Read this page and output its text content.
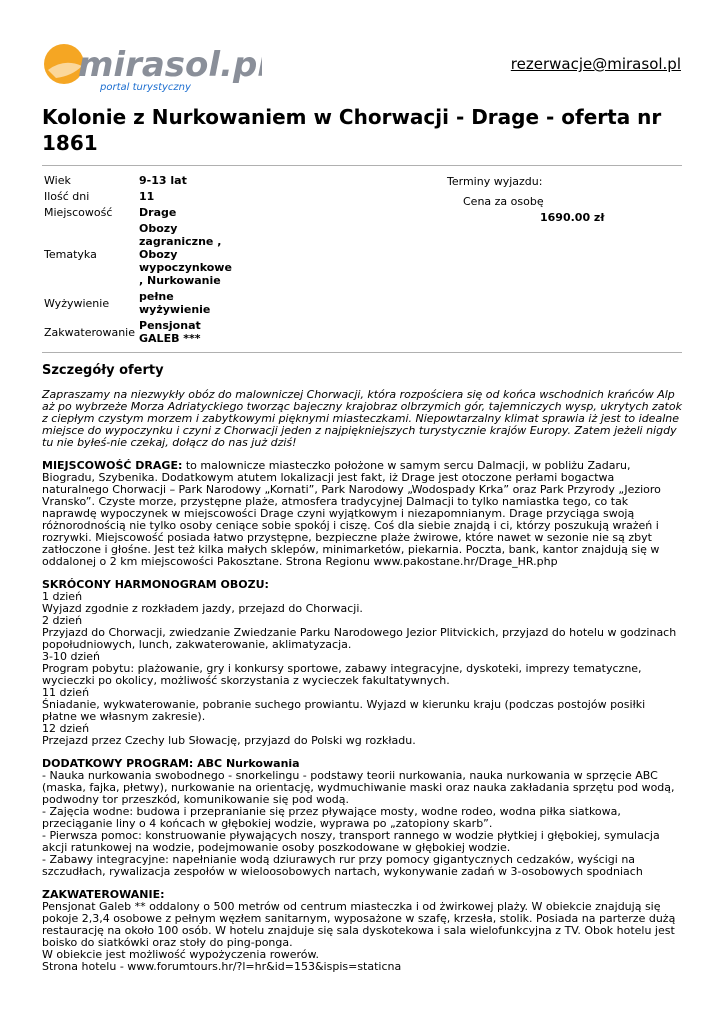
mirasol.pl
portal turystyczny
rezerwacje@mirasol.pl
Kolonie z Nurkowaniem w Chorwacji - Drage - oferta nr 1861
Wiek	9-13 lat
Ilość dni	11
Miejscowość	Drage
Tematyka	Obozy zagraniczne , Obozy wypoczynkowe , Nurkowanie
Wyżywienie	pełne wyżywienie
Zakwaterowanie	Pensjonat GALEB ***
Terminy wyjazdu:
Cena za osobę
1690.00 zł
Szczegóły oferty

Zapraszamy na niezwykły obóz do malowniczej Chorwacji, która rozpościera się od końca wschodnich krańców Alp aż po wybrzeże Morza Adriatyckiego tworząc bajeczny krajobraz olbrzymich gór, tajemniczych wysp, ukrytych zatok z ciepłym czystym morzem i zabytkowymi pięknymi miasteczkami. Niepowtarzalny klimat sprawia iż jest to idealne miejsce do wypoczynku i czyni z Chorwacji jeden z najpiękniejszych turystycznie krajów Europy. Zatem jeżeli nigdy tu nie byłeś-nie czekaj, dołącz do nas już dziś!

MIEJSCOWOŚĆ DRAGE: to malownicze miasteczko położone w samym sercu Dalmacji, w pobliżu Zadaru, Biogradu, Szybenika. Dodatkowym atutem lokalizacji jest fakt, iż Drage jest otoczone perłami bogactwa naturalnego Chorwacji – Park Narodowy „Kornati”, Park Narodowy „Wodospady Krka” oraz Park Przyrody „Jezioro Vransko”. Czyste morze, przystępne plaże, atmosfera tradycyjnej Dalmacji to tylko namiastka tego, co tak naprawdę wypoczynek w miejscowości Drage czyni wyjątkowym i niezapomnianym. Drage przyciąga swoją różnorodnością nie tylko osoby ceniące sobie spokój i ciszę. Coś dla siebie znajdą i ci, którzy poszukują wrażeń i rozrywki. Miejscowość posiada łatwo przystępne, bezpieczne plaże żwirowe, które nawet w sezonie nie są zbyt zatłoczone i głośne. Jest też kilka małych sklepów, minimarketów, piekarnia. Poczta, bank, kantor znajdują się w oddalonej o 2 km miejscowości Pakosztane. Strona Regionu www.pakostane.hr/Drage_HR.php

SKRÓCONY HARMONOGRAM OBOZU:
1 dzień
Wyjazd zgodnie z rozkładem jazdy, przejazd do Chorwacji.
2 dzień
Przyjazd do Chorwacji, zwiedzanie Zwiedzanie Parku Narodowego Jezior Plitvickich, przyjazd do hotelu w godzinach popołudniowych, lunch, zakwaterowanie, aklimatyzacja.
3-10 dzień
Program pobytu: plażowanie, gry i konkursy sportowe, zabawy integracyjne, dyskoteki, imprezy tematyczne, wycieczki po okolicy, możliwość skorzystania z wycieczek fakultatywnych.
11 dzień
Śniadanie, wykwaterowanie, pobranie suchego prowiantu. Wyjazd w kierunku kraju (podczas postojów posiłki płatne we własnym zakresie).
12 dzień
Przejazd przez Czechy lub Słowację, przyjazd do Polski wg rozkładu.
DODATKOWY PROGRAM: ABC Nurkowania
- Nauka nurkowania swobodnego - snorkelingu - podstawy teorii nurkowania, nauka nurkowania w sprzęcie ABC (maska, fajka, płetwy), nurkowanie na orientację, wydmuchiwanie maski oraz nauka zakładania sprzętu pod wodą, podwodny tor przeszkód, komunikowanie się pod wodą.
- Zajęcia wodne: budowa i przepranianie się przez pływające mosty, wodne rodeo, wodna piłka siatkowa, przeciąganie liny o 4 końcach w głębokiej wodzie, wyprawa po „zatopiony skarb”.
- Pierwsza pomoc: konstruowanie pływających noszy, transport rannego w wodzie płytkiej i głębokiej, symulacja akcji ratunkowej na wodzie, podejmowanie osoby poszkodowane w głębokiej wodzie.
- Zabawy integracyjne: napełnianie wodą dziurawych rur przy pomocy gigantycznych cedzaków, wyścigi na szczudłach, rywalizacja zespołów w wieloosobowych nartach, wykonywanie zadań w 3-osobowych spodniach
ZAKWATEROWANIE:
Pensjonat Galeb ** oddalony o 500 metrów od centrum miasteczka i od żwirkowej plaży. W obiekcie znajdują się pokoje 2,3,4 osobowe z pełnym węzłem sanitarnym, wyposażone w szafę, krzesła, stolik. Posiada na parterze dużą restaurację na około 100 osób. W hotelu znajduje się sala dyskotekowa i sala wielofunkcyjna z TV. Obok hotelu jest boisko do siatkówki oraz stoły do ping-ponga.
W obiekcie jest możliwość wypożyczenia rowerów.
Strona hotelu - www.forumtours.hr/?l=hr&id=153&ispis=staticna
